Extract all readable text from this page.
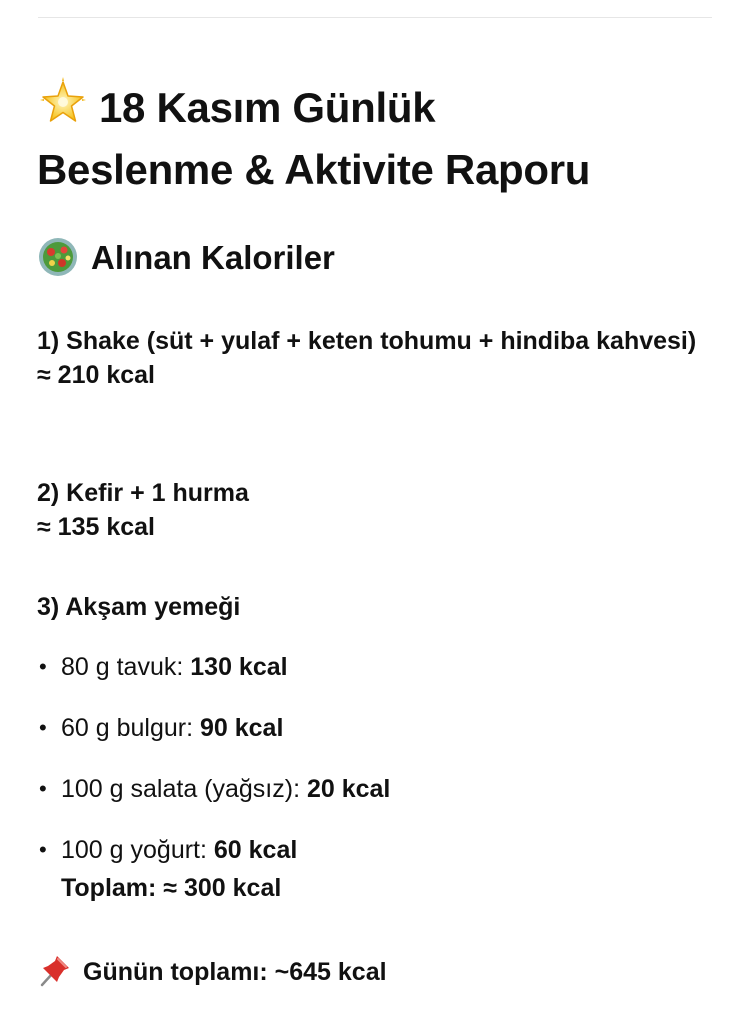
18 Kasım Günlük
Beslenme & Aktivite Raporu
Alınan Kaloriler

1) Shake (süt + yulaf + keten tohumu + hindiba kahvesi)

≈ 210 kcal

2) Kefir + 1 hurma

≈ 135 kcal

3) Akşam yemeği

• 80 g tavuk: 130 kcal
• 60 g bulgur: 90 kcal
• 100 g salata (yağsız): 20 kcal
• 100 g yoğurt: 60 kcal
Toplam: ≈ 300 kcal

Günün toplamı: ~645 kcal
